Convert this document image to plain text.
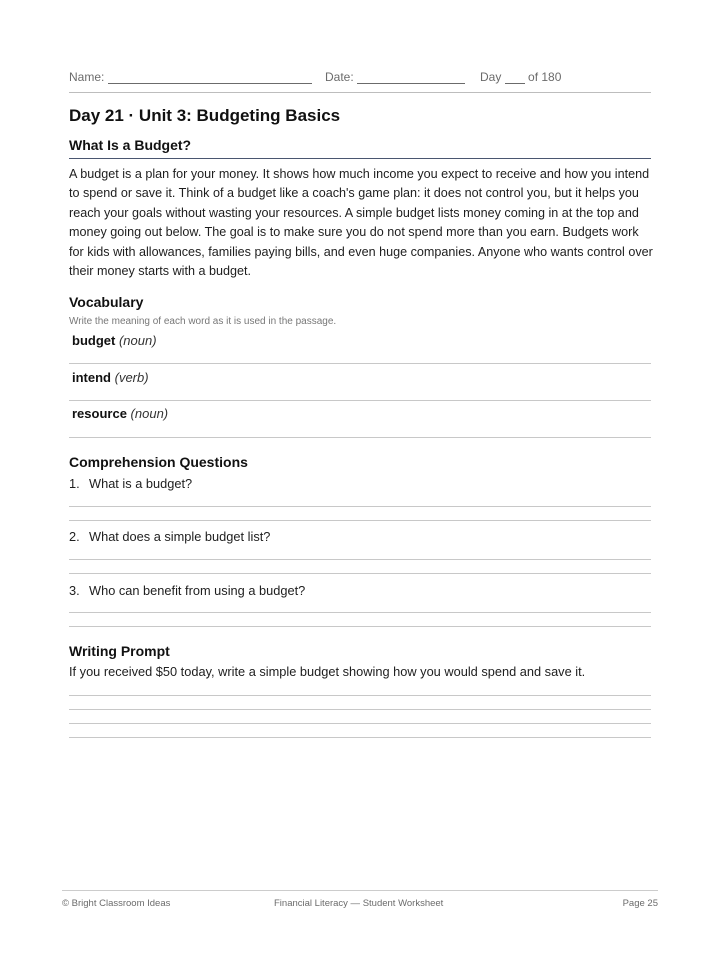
Name:	Date:	Day of 180
Day 21 · Unit 3: Budgeting Basics
What Is a Budget?
A budget is a plan for your money. It shows how much income you expect to receive and how you intend to spend or save it. Think of a budget like a coach's game plan: it does not control you, but it helps you reach your goals without wasting your resources. A simple budget lists money coming in at the top and money going out below. The goal is to make sure you do not spend more than you earn. Budgets work for kids with allowances, families paying bills, and even huge companies. Anyone who wants control over their money starts with a budget.
Vocabulary
Write the meaning of each word as it is used in the passage.
budget (noun)
intend (verb)
resource (noun)
Comprehension Questions
1. What is a budget?
2. What does a simple budget list?
3. Who can benefit from using a budget?
Writing Prompt
If you received $50 today, write a simple budget showing how you would spend and save it.
© Bright Classroom Ideas	Financial Literacy — Student Worksheet	Page 25
